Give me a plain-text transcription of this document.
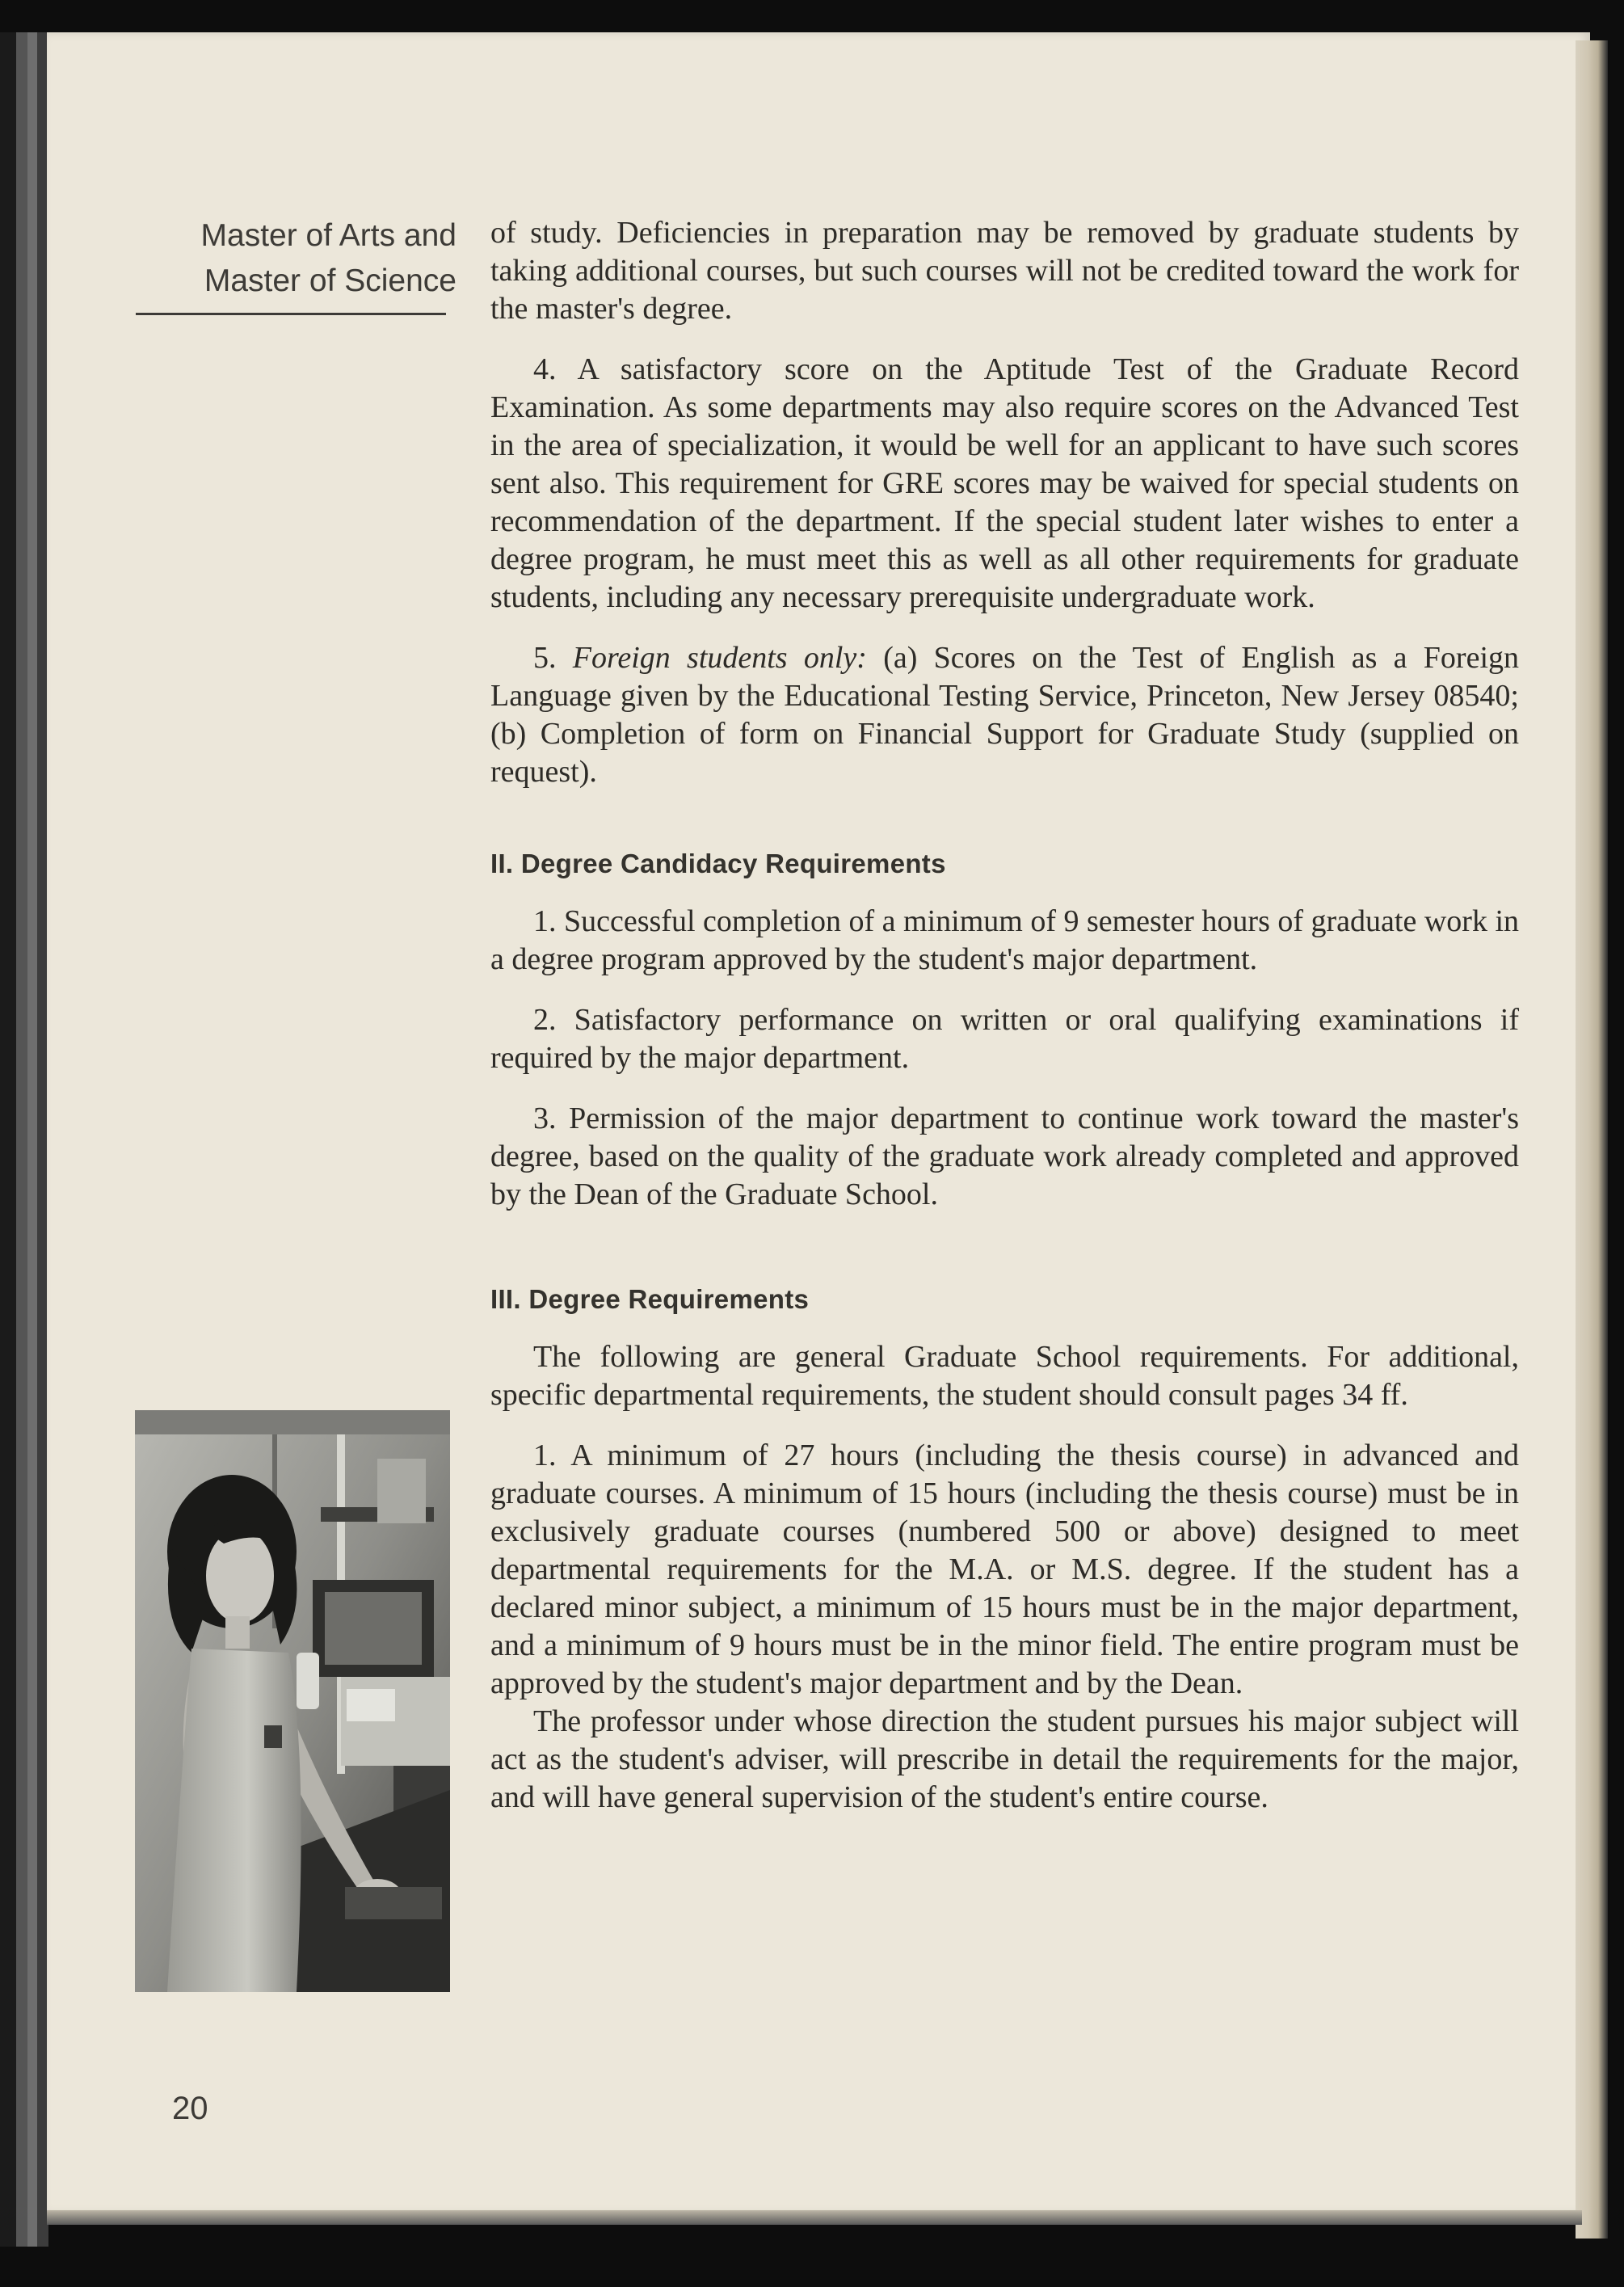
Master of Arts and
Master of Science

of study. Deficiencies in preparation may be removed by graduate students by taking additional courses, but such courses will not be credited toward the work for the master's degree.

4. A satisfactory score on the Aptitude Test of the Graduate Record Examination. As some departments may also require scores on the Advanced Test in the area of specialization, it would be well for an applicant to have such scores sent also. This requirement for GRE scores may be waived for special students on recommendation of the department. If the special student later wishes to enter a degree program, he must meet this as well as all other requirements for graduate students, including any necessary prerequisite undergraduate work.

5. Foreign students only: (a) Scores on the Test of English as a Foreign Language given by the Educational Testing Service, Princeton, New Jersey 08540; (b) Completion of form on Financial Support for Graduate Study (supplied on request).

II. Degree Candidacy Requirements

1. Successful completion of a minimum of 9 semester hours of graduate work in a degree program approved by the student's major department.

2. Satisfactory performance on written or oral qualifying examinations if required by the major department.

3. Permission of the major department to continue work toward the master's degree, based on the quality of the graduate work already completed and approved by the Dean of the Graduate School.

III. Degree Requirements

The following are general Graduate School requirements. For additional, specific departmental requirements, the student should consult pages 34 ff.

1. A minimum of 27 hours (including the thesis course) in advanced and graduate courses. A minimum of 15 hours (including the thesis course) must be in exclusively graduate courses (numbered 500 or above) designed to meet departmental requirements for the M.A. or M.S. degree. If the student has a declared minor subject, a minimum of 15 hours must be in the major department, and a minimum of 9 hours must be in the minor field. The entire program must be approved by the student's major department and by the Dean.

The professor under whose direction the student pursues his major subject will act as the student's adviser, will prescribe in detail the requirements for the major, and will have general supervision of the student's entire course.

20
